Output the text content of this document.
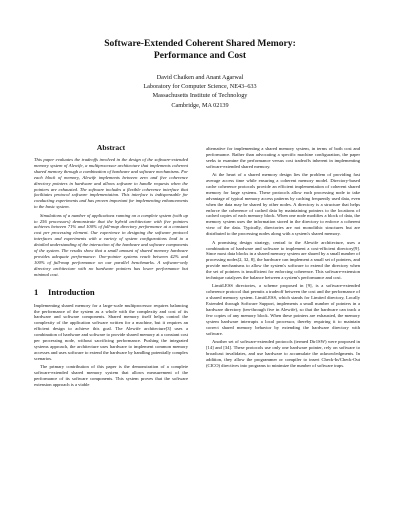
Software-Extended Coherent Shared Memory:
Performance and Cost
David Chaiken and Anant Agarwal
Laboratory for Computer Science, NE43–633
Massachusetts Institute of Technology
Cambridge, MA 02139
Abstract

This paper evaluates the tradeoffs involved in the design of the software-extended memory system of Alewife, a multiprocessor architecture that implements coherent shared memory through a combination of hardware and software mechanisms. For each block of memory, Alewife implements between zero and five coherence directory pointers in hardware and allows software to handle requests when the pointers are exhausted. The software includes a flexible coherence interface that facilitates protocol software implementation. This interface is indispensable for conducting experiments and has proven important for implementing enhancements to the basic system.

Simulations of a number of applications running on a complete system (with up to 256 processors) demonstrate that the hybrid architecture with five pointers achieves between 71% and 100% of full-map directory performance at a constant cost per processing element. Our experience in designing the software protocol interfaces and experiments with a variety of system configurations lead to a detailed understanding of the interaction of the hardware and software components of the system. The results show that a small amount of shared memory hardware provides adequate performance: One-pointer systems reach between 42% and 100% of full-map performance on our parallel benchmarks. A software-only directory architecture with no hardware pointers has lower performance but minimal cost.

1 Introduction

Implementing shared memory for a large-scale multiprocessor requires balancing the performance of the system as a whole with the complexity and cost of its hardware and software components. Shared memory itself helps control the complexity of the application software written for a machine, but it requires an efficient design to achieve this goal. The Alewife architecture[3] uses a combination of hardware and software to provide shared memory at a constant cost per processing node, without sacrificing performance. Pushing the integrated systems approach, the architecture uses hardware to implement common memory accesses and uses software to extend the hardware by handling potentially complex scenarios.

The primary contribution of this paper is the demonstration of a complete software-extended shared memory system that allows measurement of the performance of its software components. This system proves that the software extension approach is a viable

alternative for implementing a shared memory system, in terms of both cost and performance. Rather than advocating a specific machine configuration, the paper seeks to examine the performance versus cost tradeoffs inherent in implementing software-extended shared memory.

At the heart of a shared memory design lies the problem of providing fast average access time while ensuring a coherent memory model. Directory-based cache coherence protocols provide an efficient implementation of coherent shared memory for large systems. These protocols allow each processing node to take advantage of typical memory access patterns by caching frequently used data, even when the data may be shared by other nodes. A directory is a structure that helps enforce the coherence of cached data by maintaining pointers to the locations of cached copies of each memory block. When one node modifies a block of data, the memory system uses the information stored in the directory to enforce a coherent view of the data. Typically, directories are not monolithic structures but are distributed to the processing nodes along with a system's shared memory.

A promising design strategy, central to the Alewife architecture, uses a combination of hardware and software to implement a cost-efficient directory[9]. Since most data blocks in a shared memory system are shared by a small number of processing nodes[2, 32, 8], the hardware can implement a small set of pointers, and provide mechanisms to allow the system's software to extend the directory when the set of pointers is insufficient for enforcing coherence. This software-extension technique catalyzes the balance between a system's performance and cost.

LimitLESS directories, a scheme proposed in [9], is a software-extended coherence protocol that permits a tradeoff between the cost and the performance of a shared memory system. LimitLESS, which stands for Limited directory, Locally Extended through Software Support, implements a small number of pointers in a hardware directory (ten-through five in Alewife), so that the hardware can track a few copies of any memory block. When these pointers are exhausted, the memory system hardware interrupts a local processor, thereby requiring it to maintain correct shared memory behavior by extending the hardware directory with software.

Another set of software-extended protocols (termed Dir1SW) were proposed in [14] and [34]. These protocols use only one hardware pointer, rely on software to broadcast invalidates, and use hardware to accumulate the acknowledgments. In addition, they allow the programmer or compiler to insert Check-In/Check-Out (CICO) directives into programs to minimize the number of software traps.
